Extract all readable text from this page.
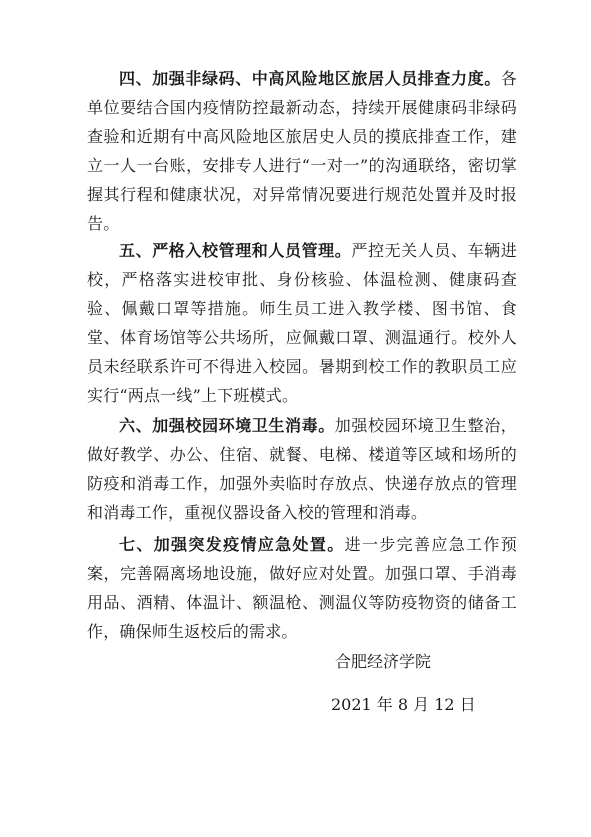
四、加强非绿码、中高风险地区旅居人员排查力度。各单位要结合国内疫情防控最新动态，持续开展健康码非绿码查验和近期有中高风险地区旅居史人员的摸底排查工作，建立一人一台账，安排专人进行“一对一”的沟通联络，密切掌握其行程和健康状况，对异常情况要进行规范处置并及时报告。

五、严格入校管理和人员管理。严控无关人员、车辆进校，严格落实进校审批、身份核验、体温检测、健康码查验、佩戴口罩等措施。师生员工进入教学楼、图书馆、食堂、体育场馆等公共场所，应佩戴口罩、测温通行。校外人员未经联系许可不得进入校园。暑期到校工作的教职员工应实行“两点一线”上下班模式。

六、加强校园环境卫生消毒。加强校园环境卫生整治，做好教学、办公、住宿、就餐、电梯、楼道等区域和场所的防疫和消毒工作，加强外卖临时存放点、快递存放点的管理和消毒工作，重视仪器设备入校的管理和消毒。

七、加强突发疫情应急处置。进一步完善应急工作预案，完善隔离场地设施，做好应对处置。加强口罩、手消毒用品、酒精、体温计、额温枪、测温仪等防疫物资的储备工作，确保师生返校后的需求。

合肥经济学院
2021 年 8 月 12 日
